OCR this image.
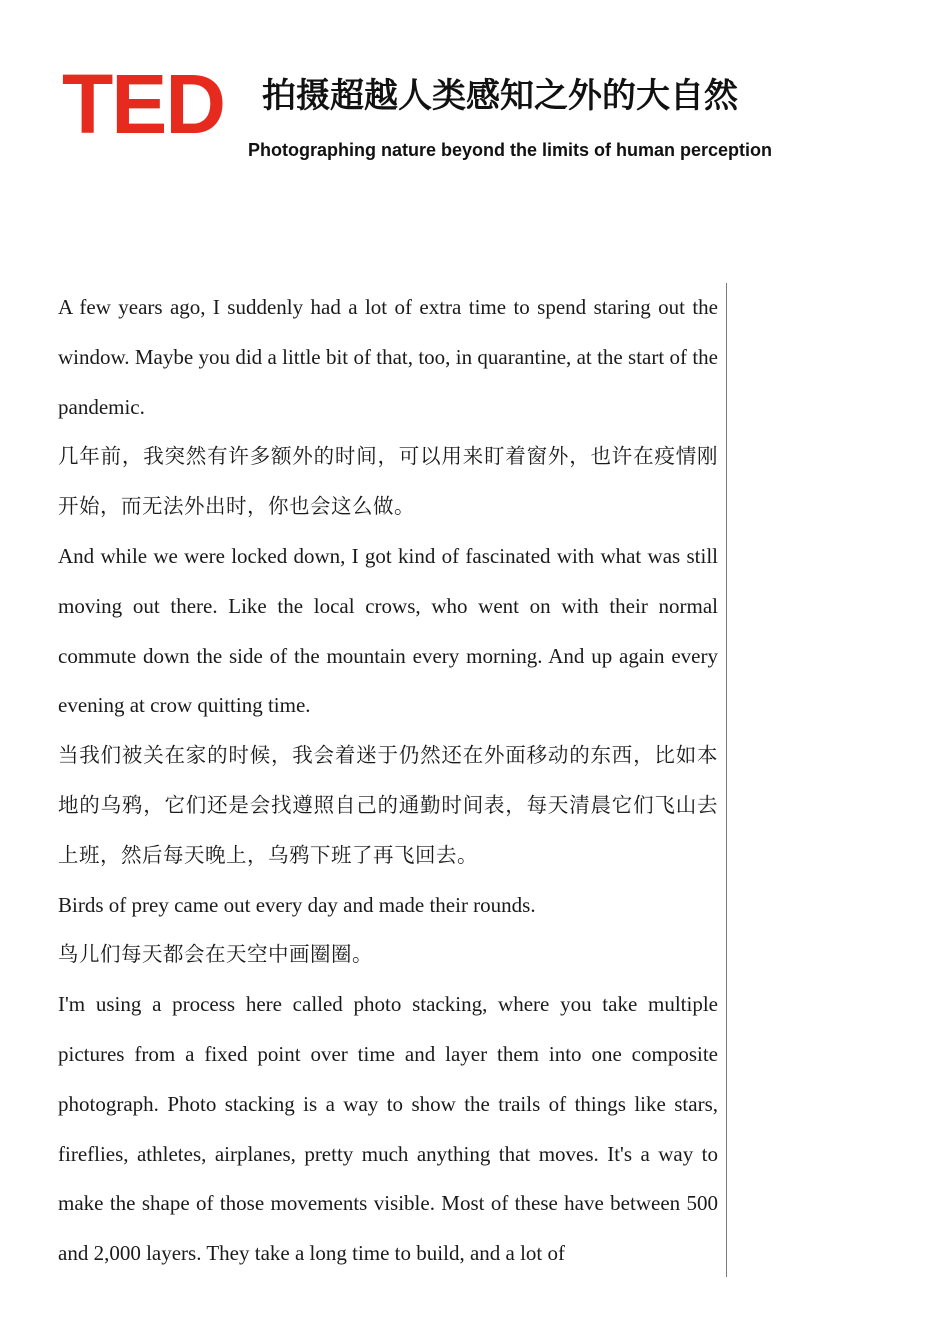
TED 拍摄超越人类感知之外的大自然
Photographing nature beyond the limits of human perception

A few years ago, I suddenly had a lot of extra time to spend staring out the window. Maybe you did a little bit of that, too, in quarantine, at the start of the pandemic.

几年前，我突然有许多额外的时间，可以用来盯着窗外，也许在疫情刚开始，而无法外出时，你也会这么做。

And while we were locked down, I got kind of fascinated with what was still moving out there. Like the local crows, who went on with their normal commute down the side of the mountain every morning. And up again every evening at crow quitting time.

当我们被关在家的时候，我会着迷于仍然还在外面移动的东西，比如本地的乌鸦，它们还是会找遵照自己的通勤时间表，每天清晨它们飞山去上班，然后每天晚上，乌鸦下班了再飞回去。

Birds of prey came out every day and made their rounds.

鸟儿们每天都会在天空中画圈圈。

I'm using a process here called photo stacking, where you take multiple pictures from a fixed point over time and layer them into one composite photograph. Photo stacking is a way to show the trails of things like stars, fireflies, athletes, airplanes, pretty much anything that moves. It's a way to make the shape of those movements visible. Most of these have between 500 and 2,000 layers. They take a long time to build, and a lot of
